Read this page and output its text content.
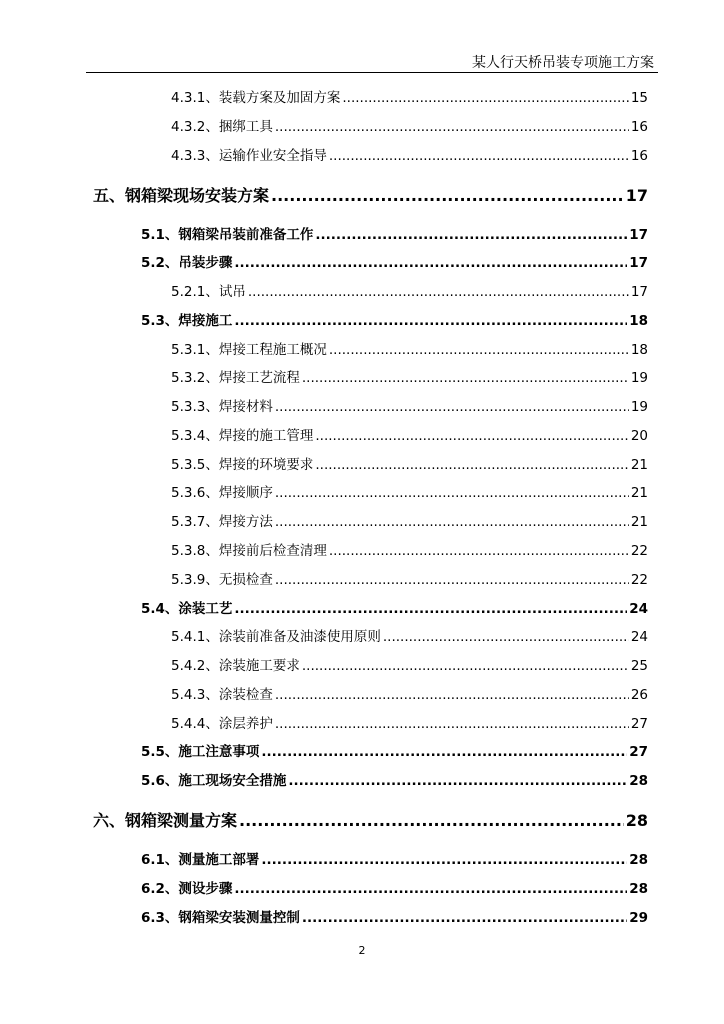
某人行天桥吊装专项施工方案
4.3.1、装载方案及加固方案 .....	15
4.3.2、捆绑工具 .....	16
4.3.3、运输作业安全指导 .....	16
五、钢箱梁现场安装方案 .....	17
5.1、钢箱梁吊装前准备工作 .....	17
5.2、吊装步骤 .....	17
5.2.1、试吊 .....	17
5.3、焊接施工 .....	18
5.3.1、焊接工程施工概况 .....	18
5.3.2、焊接工艺流程 .....	19
5.3.3、焊接材料 .....	19
5.3.4、焊接的施工管理 .....	20
5.3.5、焊接的环境要求 .....	21
5.3.6、焊接顺序 .....	21
5.3.7、焊接方法 .....	21
5.3.8、焊接前后检查清理 .....	22
5.3.9、无损检查 .....	22
5.4、涂装工艺 .....	24
5.4.1、涂装前准备及油漆使用原则 .....	24
5.4.2、涂装施工要求 .....	25
5.4.3、涂装检查 .....	26
5.4.4、涂层养护 .....	27
5.5、施工注意事项 .....	27
5.6、施工现场安全措施 .....	28
六、钢箱梁测量方案 .....	28
6.1、测量施工部署 .....	28
6.2、测设步骤 .....	28
6.3、钢箱梁安装测量控制 .....	29
2
